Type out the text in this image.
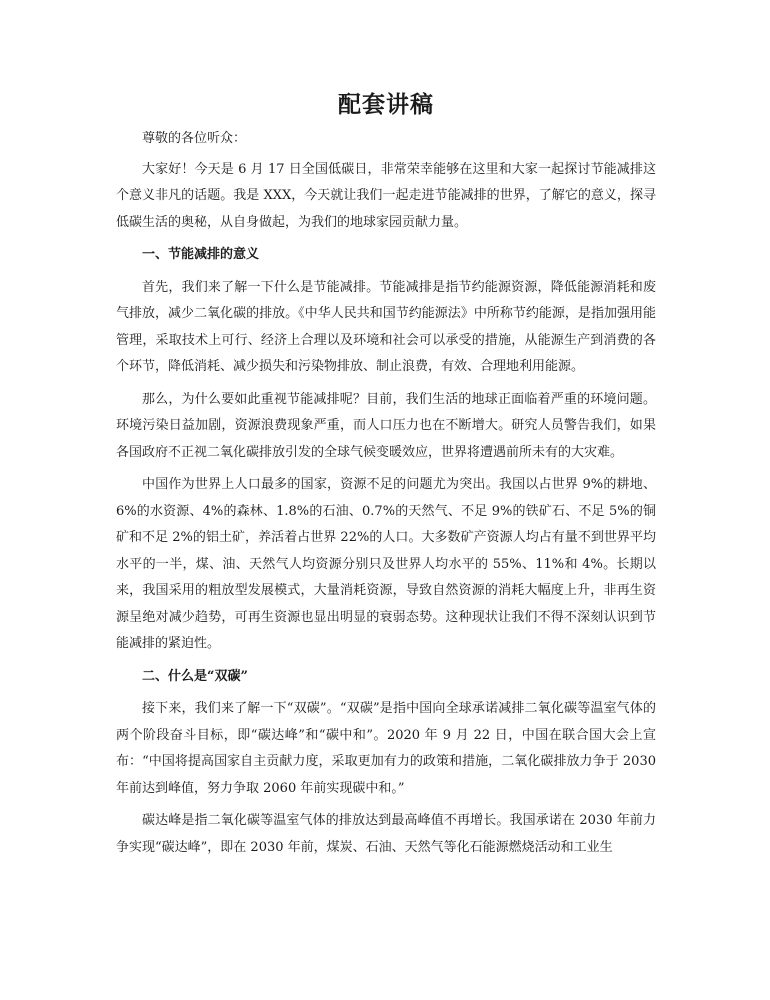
配套讲稿

尊敬的各位听众：

大家好！今天是 6 月 17 日全国低碳日，非常荣幸能够在这里和大家一起探讨节能减排这个意义非凡的话题。我是 XXX，今天就让我们一起走进节能减排的世界，了解它的意义，探寻低碳生活的奥秘，从自身做起，为我们的地球家园贡献力量。

一、节能减排的意义

首先，我们来了解一下什么是节能减排。节能减排是指节约能源资源，降低能源消耗和废气排放，减少二氧化碳的排放。《中华人民共和国节约能源法》中所称节约能源，是指加强用能管理，采取技术上可行、经济上合理以及环境和社会可以承受的措施，从能源生产到消费的各个环节，降低消耗、减少损失和污染物排放、制止浪费，有效、合理地利用能源。

那么，为什么要如此重视节能减排呢？目前，我们生活的地球正面临着严重的环境问题。环境污染日益加剧，资源浪费现象严重，而人口压力也在不断增大。研究人员警告我们，如果各国政府不正视二氧化碳排放引发的全球气候变暖效应，世界将遭遇前所未有的大灾难。

中国作为世界上人口最多的国家，资源不足的问题尤为突出。我国以占世界 9%的耕地、6%的水资源、4%的森林、1.8%的石油、0.7%的天然气、不足 9%的铁矿石、不足 5%的铜矿和不足 2%的铝土矿，养活着占世界 22%的人口。大多数矿产资源人均占有量不到世界平均水平的一半，煤、油、天然气人均资源分别只及世界人均水平的 55%、11%和 4%。长期以来，我国采用的粗放型发展模式，大量消耗资源，导致自然资源的消耗大幅度上升，非再生资源呈绝对减少趋势，可再生资源也显出明显的衰弱态势。这种现状让我们不得不深刻认识到节能减排的紧迫性。

二、什么是“双碳”

接下来，我们来了解一下“双碳”。“双碳”是指中国向全球承诺减排二氧化碳等温室气体的两个阶段奋斗目标，即“碳达峰”和“碳中和”。2020 年 9 月 22 日，中国在联合国大会上宣布：“中国将提高国家自主贡献力度，采取更加有力的政策和措施，二氧化碳排放力争于 2030 年前达到峰值，努力争取 2060 年前实现碳中和。”

碳达峰是指二氧化碳等温室气体的排放达到最高峰值不再增长。我国承诺在 2030 年前力争实现“碳达峰”，即在 2030 年前，煤炭、石油、天然气等化石能源燃烧活动和工业生
